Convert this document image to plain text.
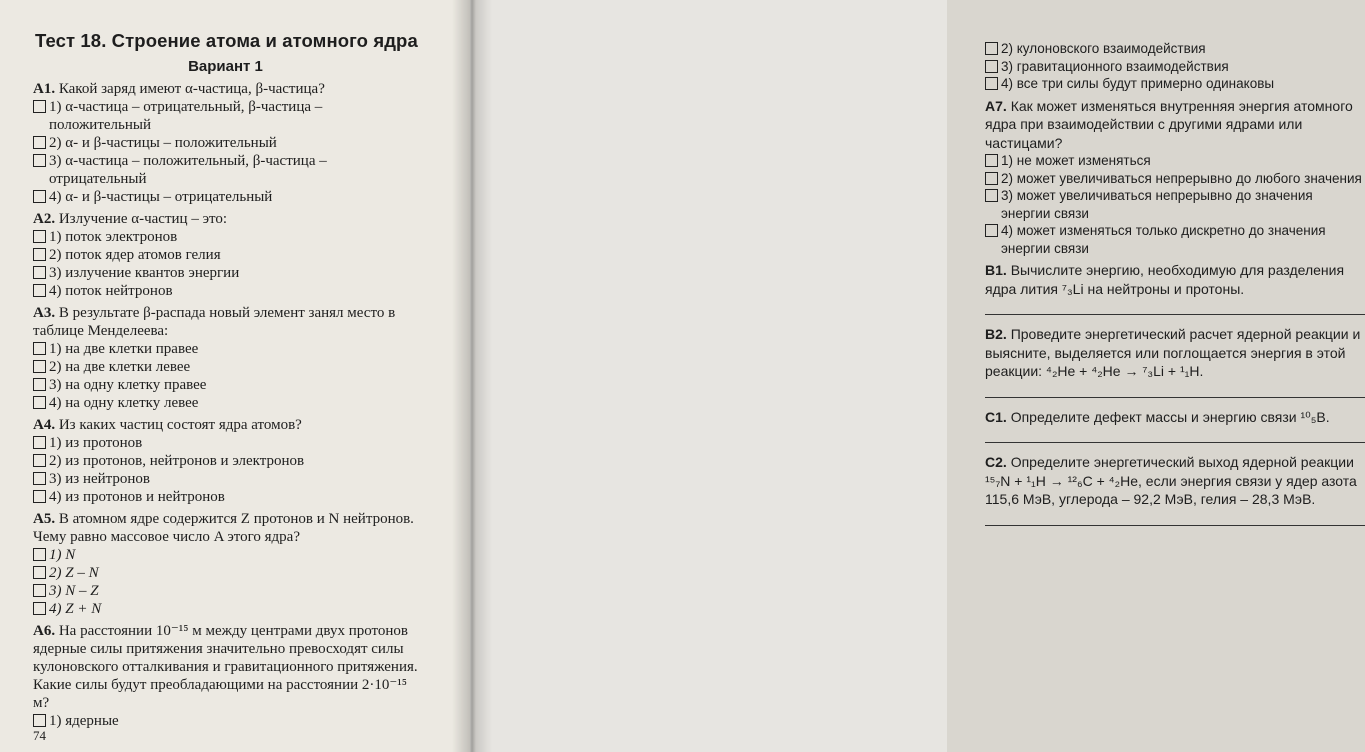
Тест 18. Строение атома и атомного ядра
Вариант 1

А1. Какой заряд имеют α-частица, β-частица?

1) α-частица – отрицательный, β-частица – положительный
2) α- и β-частицы – положительный
3) α-частица – положительный, β-частица – отрицательный
4) α- и β-частицы – отрицательный

А2. Излучение α-частиц – это:

1) поток электронов
2) поток ядер атомов гелия
3) излучение квантов энергии
4) поток нейтронов

А3. В результате β-распада новый элемент занял место в таблице Менделеева:

1) на две клетки правее
2) на две клетки левее
3) на одну клетку правее
4) на одну клетку левее

А4. Из каких частиц состоят ядра атомов?

1) из протонов
2) из протонов, нейтронов и электронов
3) из нейтронов
4) из протонов и нейтронов

А5. В атомном ядре содержится Z протонов и N нейтронов. Чему равно массовое число A этого ядра?

1) N
2) Z – N
3) N – Z
4) Z + N

А6. На расстоянии 10⁻¹⁵ м между центрами двух протонов ядерные силы притяжения значительно превосходят силы кулоновского отталкивания и гравитационного притяжения. Какие силы будут преобладающими на расстоянии 2·10⁻¹⁵ м?

1) ядерные
74
2) кулоновского взаимодействия
3) гравитационного взаимодействия
4) все три силы будут примерно одинаковы

А7. Как может изменяться внутренняя энергия атомного ядра при взаимодействии с другими ядрами или частицами?

1) не может изменяться
2) может увеличиваться непрерывно до любого значения
3) может увеличиваться непрерывно до значения энергии связи
4) может изменяться только дискретно до значения энергии связи

В1. Вычислите энергию, необходимую для разделения ядра лития ⁷₃Li на нейтроны и протоны.

В2. Проведите энергетический расчет ядерной реакции и выясните, выделяется или поглощается энергия в этой реакции: ⁴₂He + ⁴₂He → ⁷₃Li + ¹₁H.

С1. Определите дефект массы и энергию связи ¹⁰₅B.

С2. Определите энергетический выход ядерной реакции ¹⁵₇N + ¹₁H → ¹²₆C + ⁴₂He, если энергия связи у ядер азота 115,6 МэВ, углерода – 92,2 МэВ, гелия – 28,3 МэВ.
